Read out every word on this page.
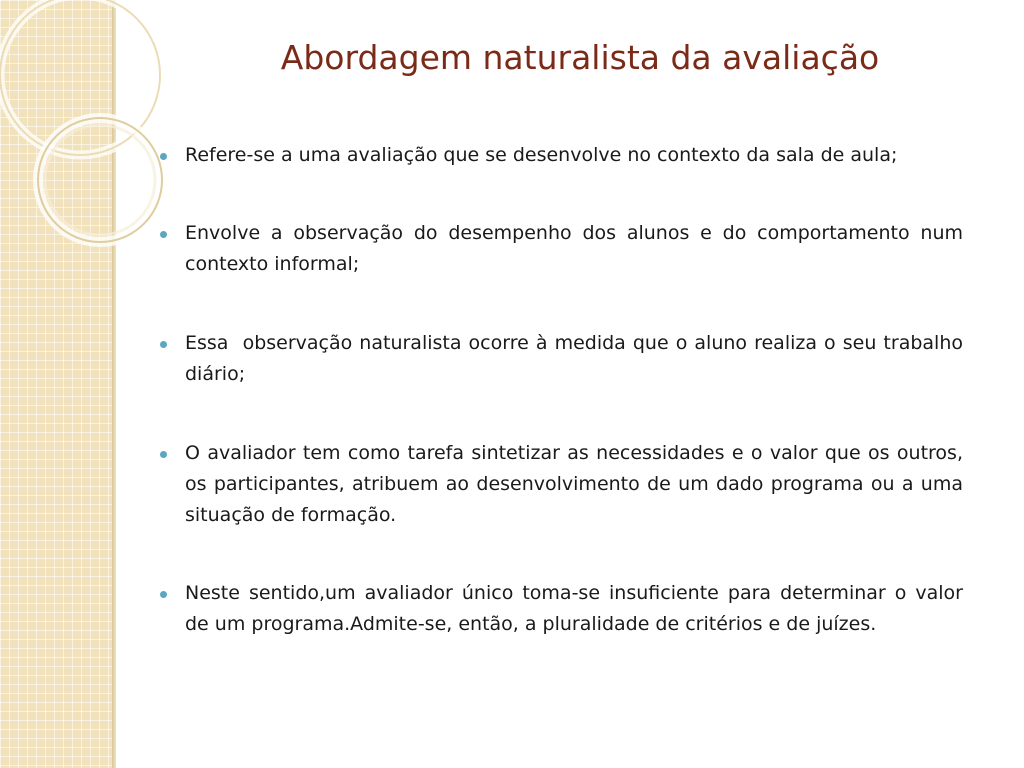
Abordagem naturalista da avaliação
Refere-se a uma avaliação que se desenvolve no contexto da sala de aula;
Envolve a observação do desempenho dos alunos e do comportamento num contexto informal;
Essa  observação naturalista ocorre à medida que o aluno realiza o seu trabalho diário;
O avaliador tem como tarefa sintetizar as necessidades e o valor que os outros, os participantes, atribuem ao desenvolvimento de um dado programa ou a uma situação de formação.
Neste sentido,um avaliador único toma-se insuficiente para determinar o valor de um programa.Admite-se, então, a pluralidade de critérios e de juízes.
